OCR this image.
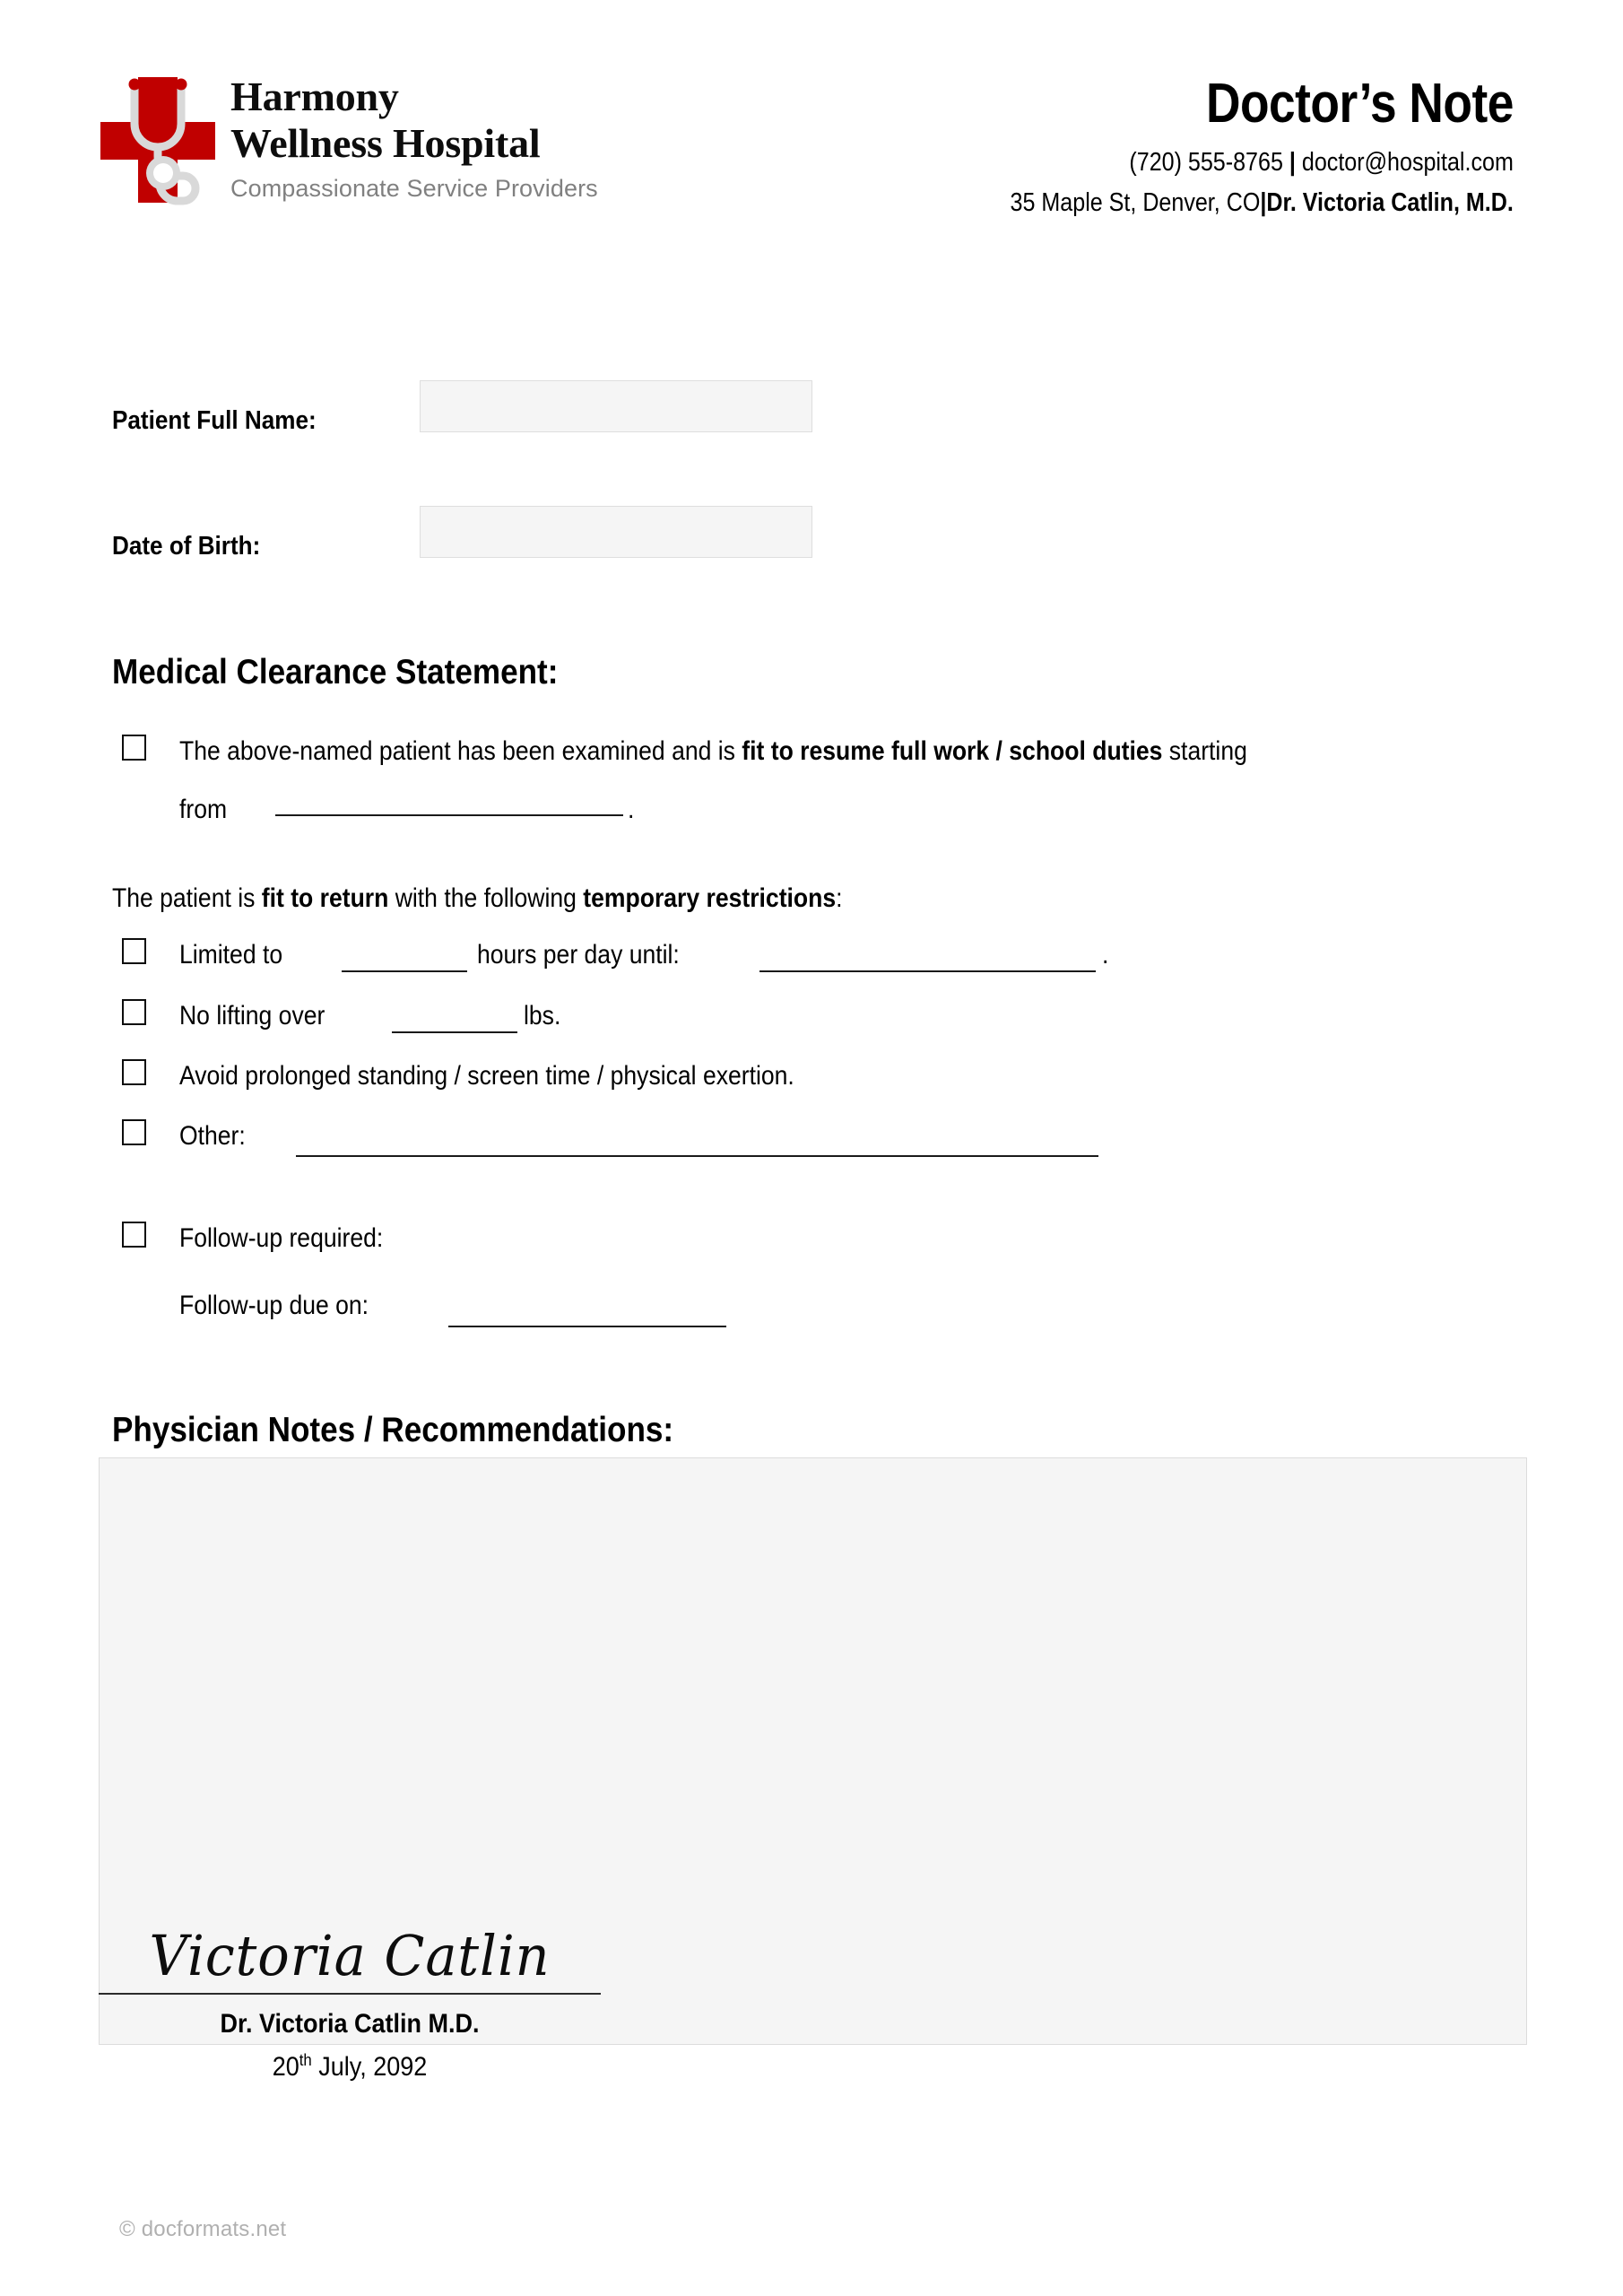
Harmony
Wellness Hospital
Compassionate Service Providers
Doctor’s Note
(720) 555-8765 | doctor@hospital.com
35 Maple St, Denver, CO|Dr. Victoria Catlin, M.D.
Patient Full Name:
Date of Birth:
Medical Clearance Statement:
The above-named patient has been examined and is fit to resume full work / school duties starting
from	.
The patient is fit to return with the following temporary restrictions:
Limited to	hours per day until:	.
No lifting over	lbs.
Avoid prolonged standing / screen time / physical exertion.
Other:
Follow-up required:
Follow-up due on:
Physician Notes / Recommendations:
Victoria Catlin
Dr. Victoria Catlin M.D.
20th July, 2092
© docformats.net
